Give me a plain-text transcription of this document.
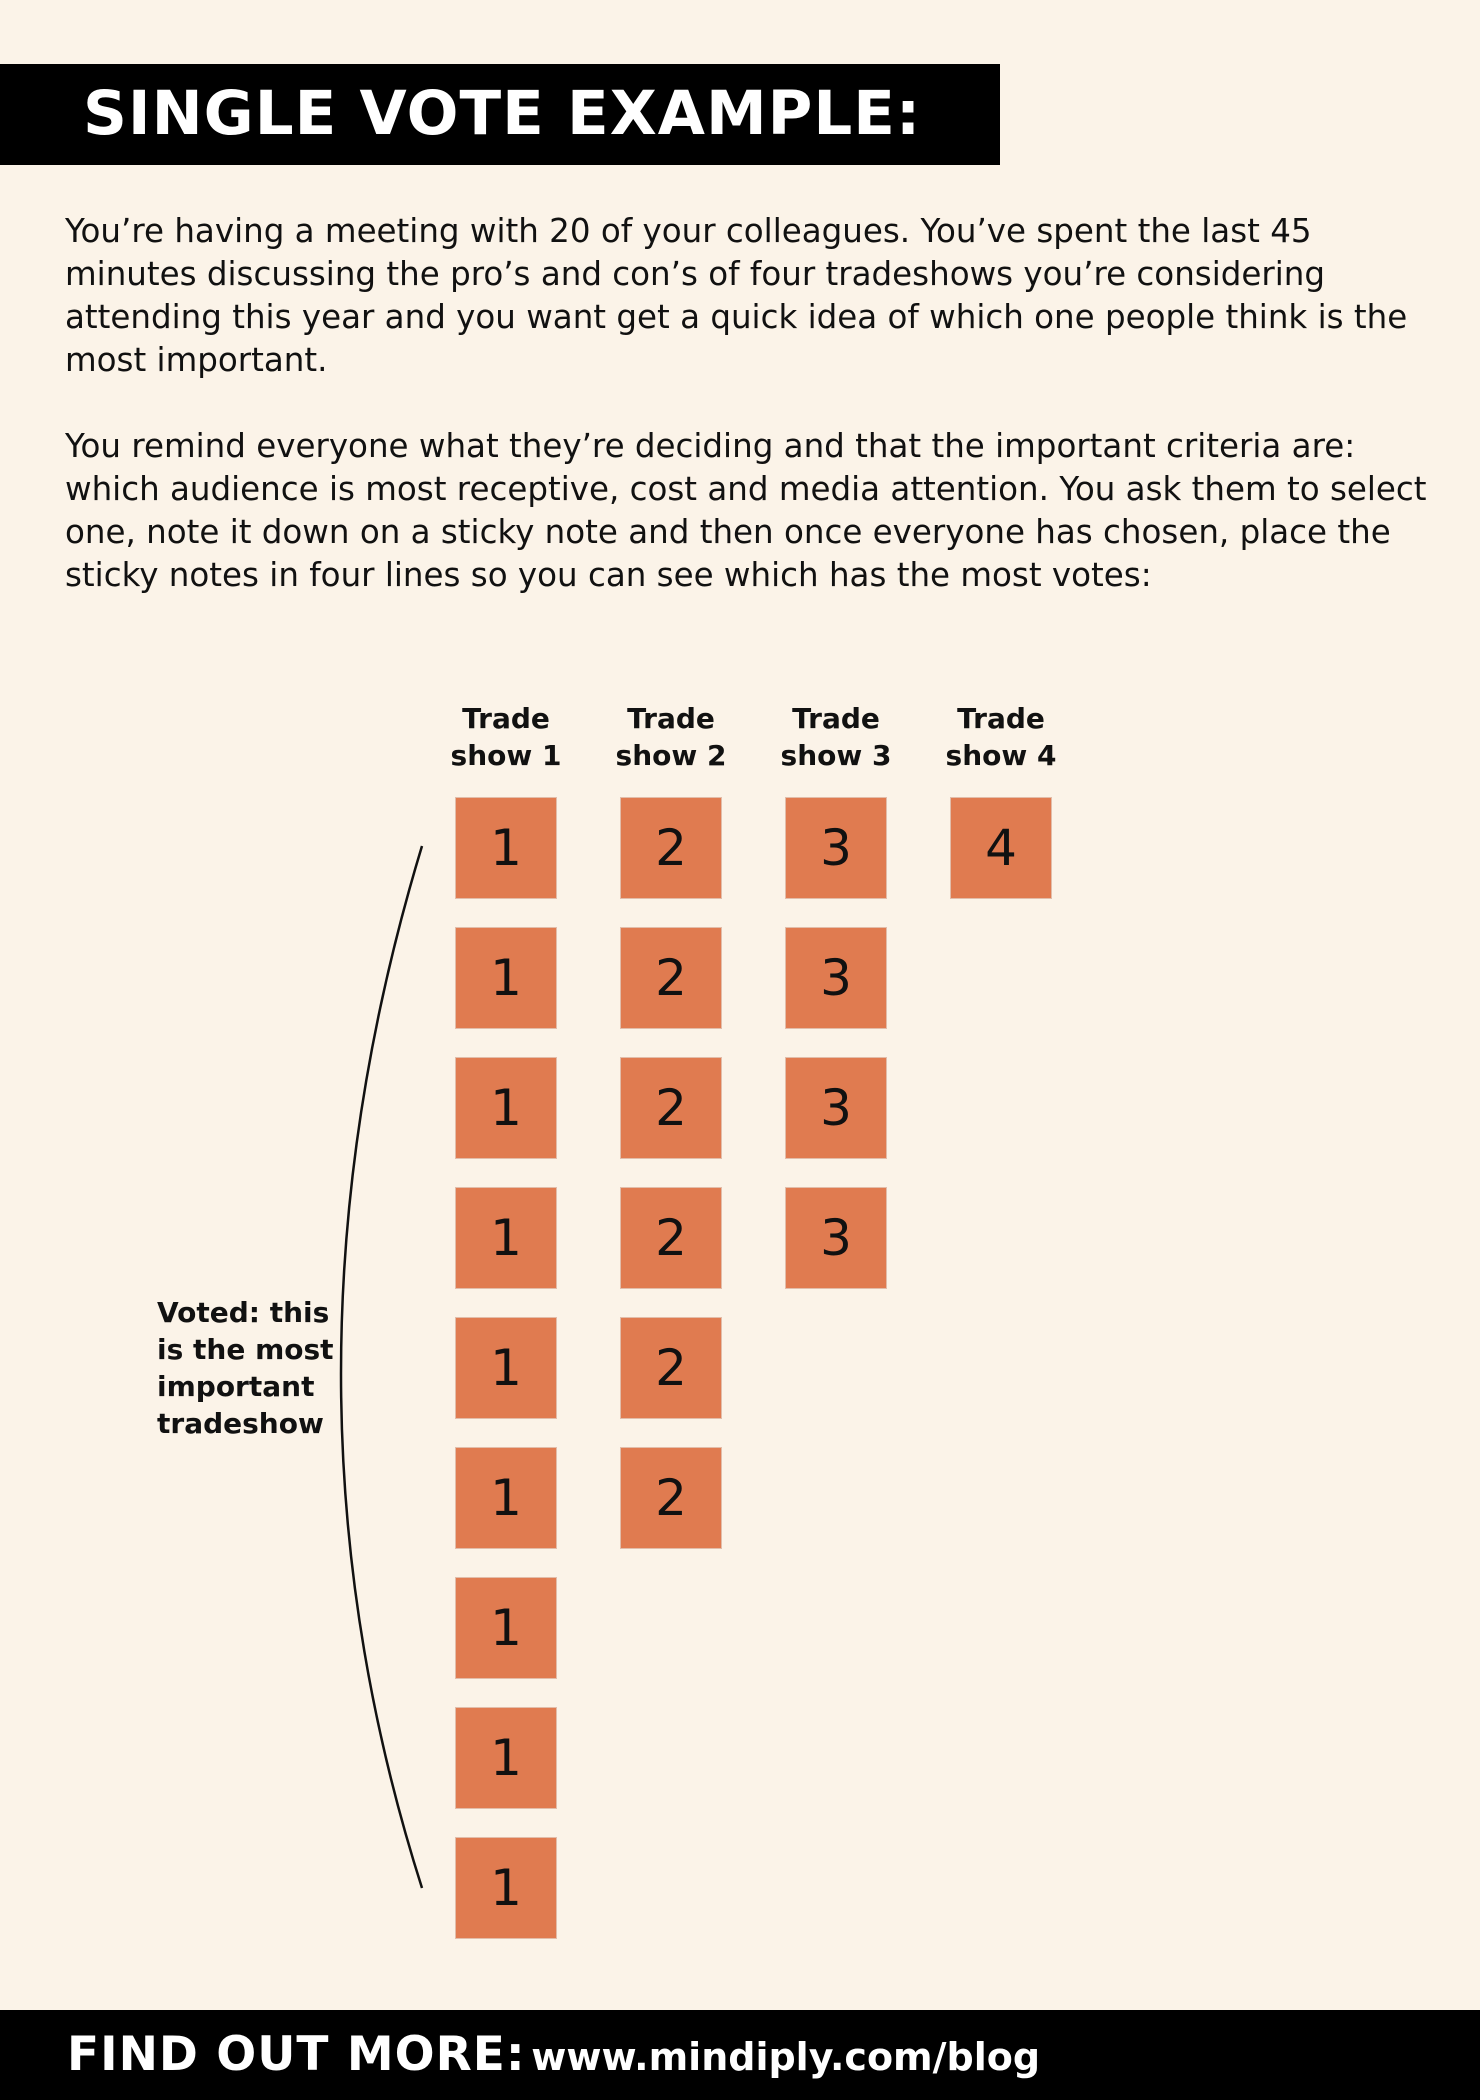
SINGLE VOTE EXAMPLE:

You’re having a meeting with 20 of your colleagues. You’ve spent the last 45 minutes discussing the pro’s and con’s of four tradeshows you’re considering attending this year and you want get a quick idea of which one people think is the most important.

You remind everyone what they’re deciding and that the important criteria are: which audience is most receptive, cost and media attention. You ask them to select one, note it down on a sticky note and then once everyone has chosen, place the sticky notes in four lines so you can see which has the most votes:

Trade show 1
1
1
1
1
1
1
1
1
1
Trade show 2
2
2
2
2
2
2
Trade show 3
3
3
3
3
Trade show 4
4
Voted: this is the most important tradeshow
FIND OUT MORE: www.mindiply.com/blog
